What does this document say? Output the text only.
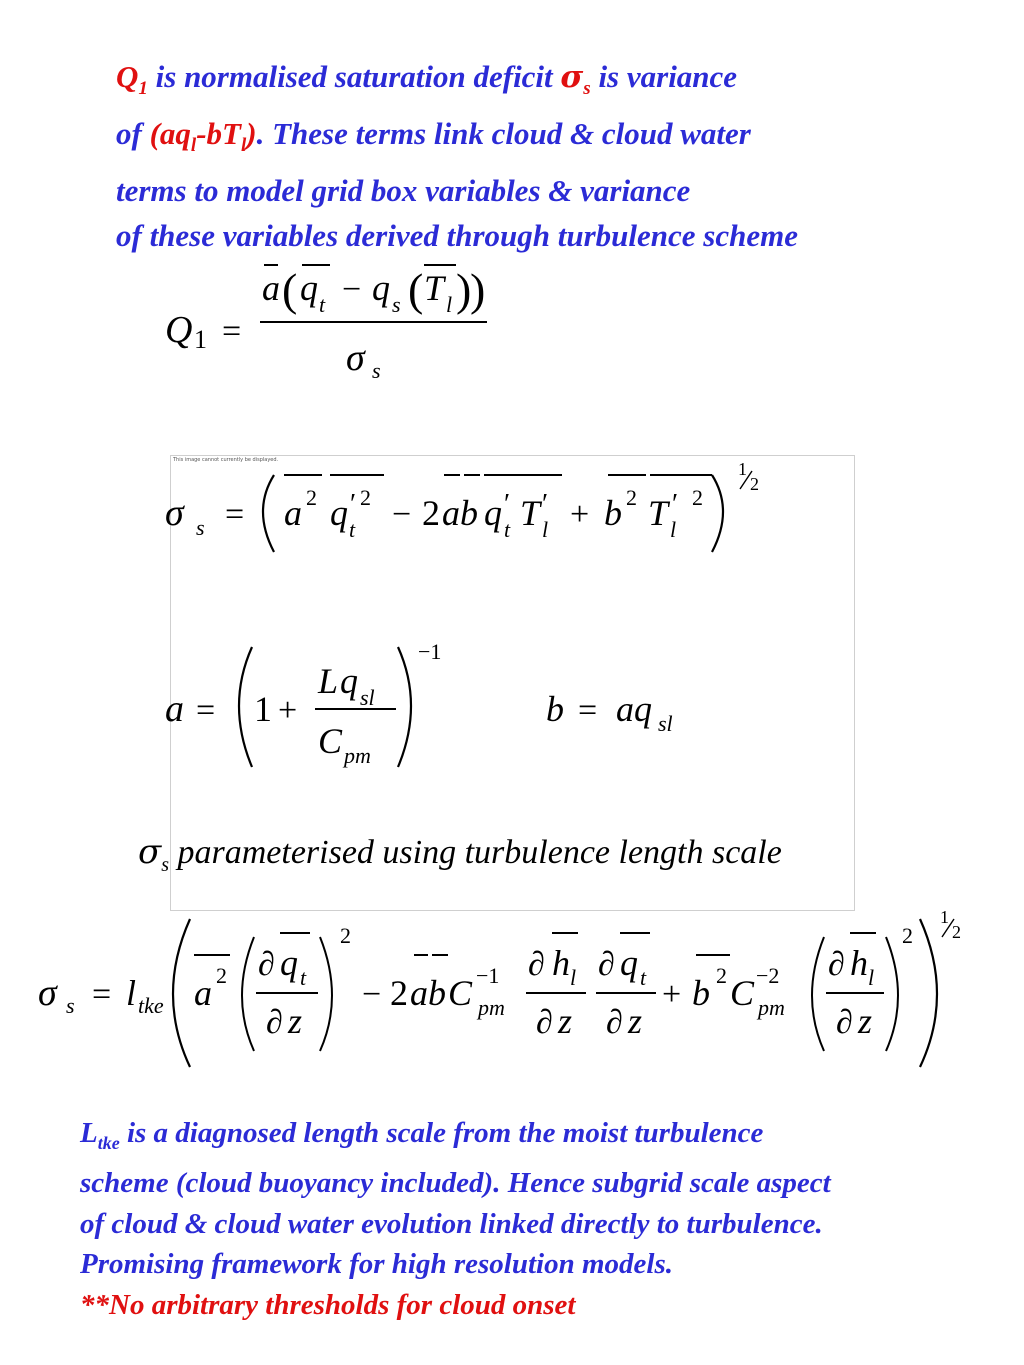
$Q_1$ is normalised saturation deficit $\sigma_s$ is variance
of $(aq_l-bT_l)$. These terms link cloud & cloud water
terms to model grid box variables & variance
of these variables derived through turbulence scheme
Q 1 =
a ( q t − q s ( T l )
)
σ s
This image cannot currently be displayed.
σ s = a 2 q ′ 2
t − 2 ab q ′
t T ′
l + b 2 T ′ 2
l
1
2
a = 1 +
L q sl
C pm
−1
b = aq sl
$\sigma_s$ parameterised using turbulence length scale
σ s = l tke a 2 ∂ q t
∂ z
2
− 2 ab C −1
pm
∂ h l
∂ z
∂ q t
∂ z
+ b 2 C −2
pm
∂ h l
∂ z
2
1
2
$L_{tke}$ is a diagnosed length scale from the moist turbulence
scheme (cloud buoyancy included). Hence subgrid scale aspect
of cloud & cloud water evolution linked directly to turbulence.
Promising framework for high resolution models.
**No arbitrary thresholds for cloud onset
